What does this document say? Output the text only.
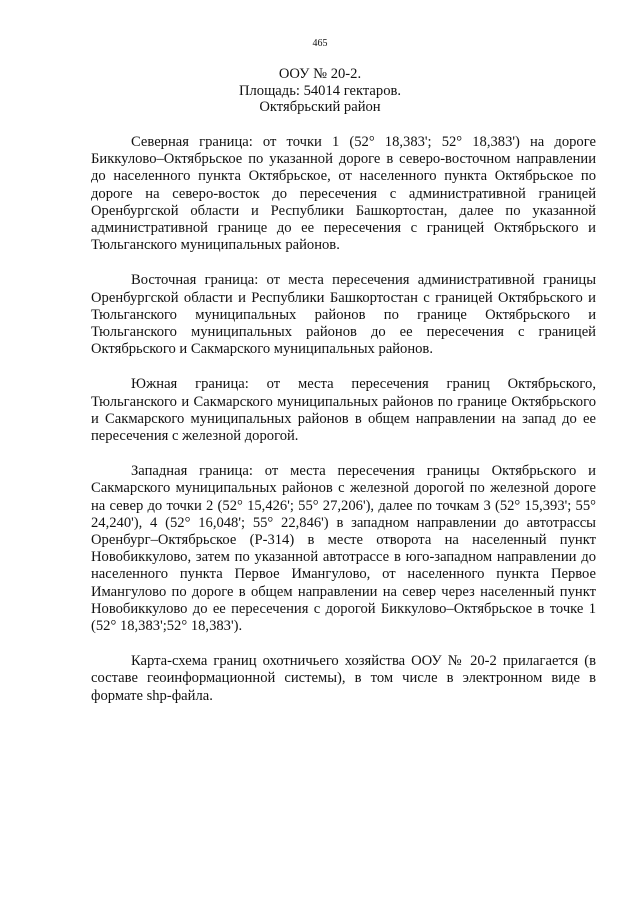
465
ООУ № 20-2.
Площадь: 54014 гектаров.
Октябрьский район

Северная граница: от точки 1 (52° 18,383'; 52° 18,383') на дороге Биккулово–Октябрьское по указанной дороге в северо-восточном направлении до населенного пункта Октябрьское, от населенного пункта Октябрьское по дороге на северо-восток до пересечения с административной границей Оренбургской области и Республики Башкортостан, далее по указанной административной границе до ее пересечения с границей Октябрьского и Тюльганского муниципальных районов.

Восточная граница: от места пересечения административной границы Оренбургской области и Республики Башкортостан с границей Октябрьского и Тюльганского муниципальных районов по границе Октябрьского и Тюльганского муниципальных районов до ее пересечения с границей Октябрьского и Сакмарского муниципальных районов.

Южная граница: от места пересечения границ Октябрьского, Тюльганского и Сакмарского муниципальных районов по границе Октябрьского и Сакмарского муниципальных районов в общем направлении на запад до ее пересечения с железной дорогой.

Западная граница: от места пересечения границы Октябрьского и Сакмарского муниципальных районов с железной дорогой по железной дороге на север до точки 2 (52° 15,426'; 55° 27,206'), далее по точкам 3 (52° 15,393'; 55° 24,240'), 4 (52° 16,048'; 55° 22,846') в западном направлении до автотрассы Оренбург–Октябрьское (Р-314) в месте отворота на населенный пункт Новобиккулово, затем по указанной автотрассе в юго-западном направлении до населенного пункта Первое Имангулово, от населенного пункта Первое Имангулово по дороге в общем направлении на север через населенный пункт Новобиккулово до ее пересечения с дорогой Биккулово–Октябрьское в точке 1 (52° 18,383';52° 18,383').

Карта-схема границ охотничьего хозяйства ООУ № 20-2 прилагается (в составе геоинформационной системы), в том числе в электронном виде в формате shp-файла.
